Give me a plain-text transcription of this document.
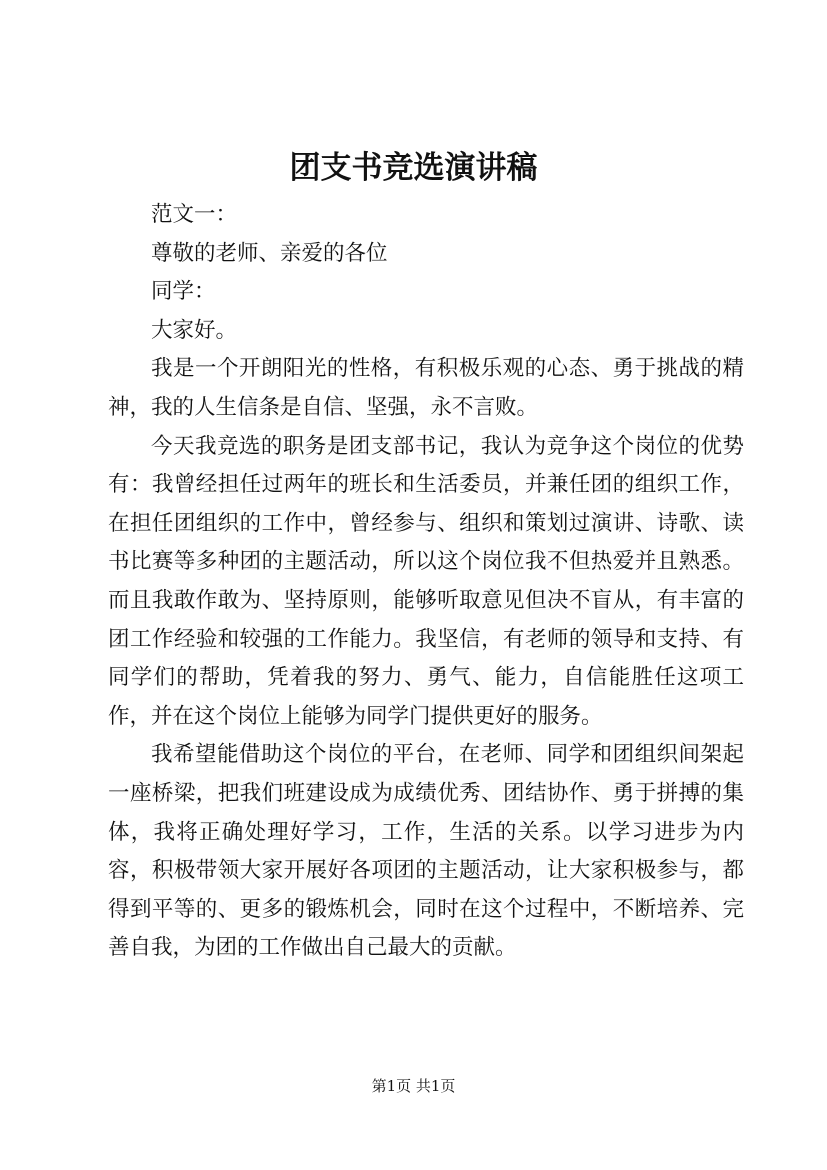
团支书竞选演讲稿

范文一：

尊敬的老师、亲爱的各位

同学：

大家好。

我是一个开朗阳光的性格，有积极乐观的心态、勇于挑战的精神，我的人生信条是自信、坚强，永不言败。

今天我竞选的职务是团支部书记，我认为竞争这个岗位的优势有：我曾经担任过两年的班长和生活委员，并兼任团的组织工作，在担任团组织的工作中，曾经参与、组织和策划过演讲、诗歌、读书比赛等多种团的主题活动，所以这个岗位我不但热爱并且熟悉。而且我敢作敢为、坚持原则，能够听取意见但决不盲从，有丰富的团工作经验和较强的工作能力。我坚信，有老师的领导和支持、有同学们的帮助，凭着我的努力、勇气、能力，自信能胜任这项工作，并在这个岗位上能够为同学门提供更好的服务。

我希望能借助这个岗位的平台，在老师、同学和团组织间架起一座桥梁，把我们班建设成为成绩优秀、团结协作、勇于拼搏的集体，我将正确处理好学习，工作，生活的关系。以学习进步为内容，积极带领大家开展好各项团的主题活动，让大家积极参与，都得到平等的、更多的锻炼机会，同时在这个过程中，不断培养、完善自我，为团的工作做出自己最大的贡献。

第1页 共1页
